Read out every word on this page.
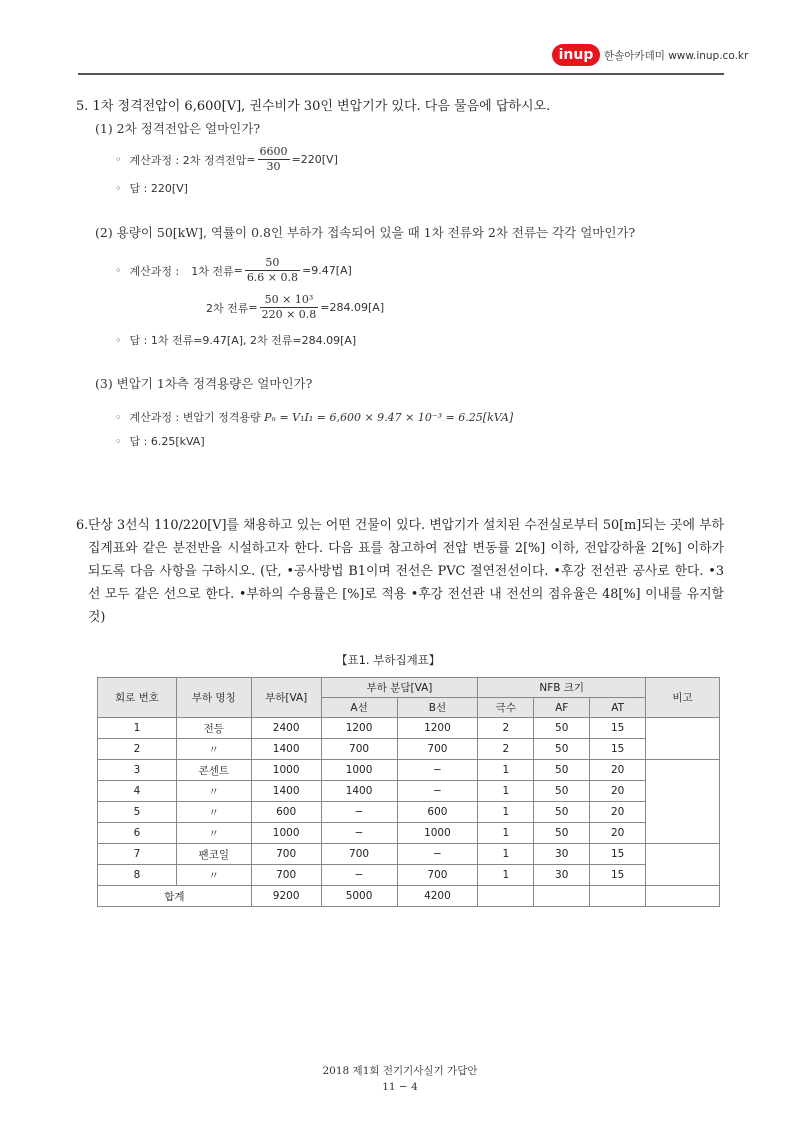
inup	한솔아카데미 www.inup.co.kr
5. 1차 정격전압이 6,600[V], 권수비가 30인 변압기가 있다. 다음 물음에 답하시오.
(1) 2차 정격전압은 얼마인가?
◦ 계산과정 : 2차 정격전압= $\frac{6600}{30} =220[V]$
◦ 답 : 220[V]
(2) 용량이 50[kW], 역률이 0.8인 부하가 접속되어 있을 때 1차 전류와 2차 전류는 각각 얼마인가?
◦ 계산과정 : 1차 전류= $\frac{50}{6.6 \times 0.8} =9.47[A]$
2차 전류= $\frac{\text{50 × 10³}}{220 \times 0.8} =284.09[A]$
◦ 답 : 1차 전류=9.47[A], 2차 전류=284.09[A]
(3) 변압기 1차측 정격용량은 얼마인가?
◦ 계산과정 : 변압기 정격용량 Pₙ = V₁I₁ = 6,600 × 9.47 × 10⁻³ = 6.25[kVA]
◦ 답 : 6.25[kVA]
6. 단상 3선식 110/220[V]를 채용하고 있는 어떤 건물이 있다. 변압기가 설치된 수전실로부터 50[m]되는 곳에 부하 집계표와 같은 분전반을 시설하고자 한다. 다음 표를 참고하여 전압 변동률 2[%] 이하, 전압강하율 2[%] 이하가 되도록 다음 사항을 구하시오. (단, •공사방법 B1이며 전선은 PVC 절연전선이다. •후강 전선관 공사로 한다. •3선 모두 같은 선으로 한다. •부하의 수용률은 [%]로 적용 •후강 전선관 내 전선의 점유율은 48[%] 이내를 유지할 것)
【표1. 부하집계표】
회로 번호	부하 명칭	부하[VA]	부하 분담[VA]		NFB 크기			비고
			A선	B선	극수	AF	AT	
1	전등	2400	1200	1200	2	50	15	
2	〃	1400	700	700	2	50	15	
3	콘센트	1000	1000	−	1	50	20	
4	〃	1400	1400	−	1	50	20	
5	〃	600	−	600	1	50	20	
6	〃	1000	−	1000	1	50	20	
7	팬코일	700	700	−	1	30	15	
8	〃	700	−	700	1	30	15	
합계		9200	5000	4200				
2018 제1회 전기기사실기 가답안
11 − 4
